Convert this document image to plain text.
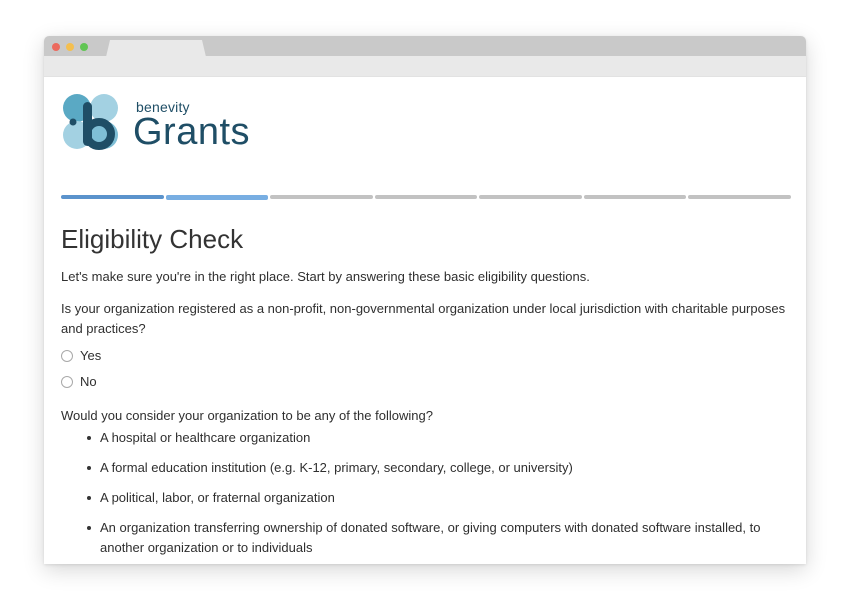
benevity
Grants
Eligibility Check
Let's make sure you're in the right place. Start by answering these basic eligibility questions.
Is your organization registered as a non-profit, non-governmental organization under local jurisdiction with charitable purposes and practices?
Yes
No
Would you consider your organization to be any of the following?
A hospital or healthcare organization
A formal education institution (e.g. K-12, primary, secondary, college, or university)
A political, labor, or fraternal organization
An organization transferring ownership of donated software, or giving computers with donated software installed, to another organization or to individuals
